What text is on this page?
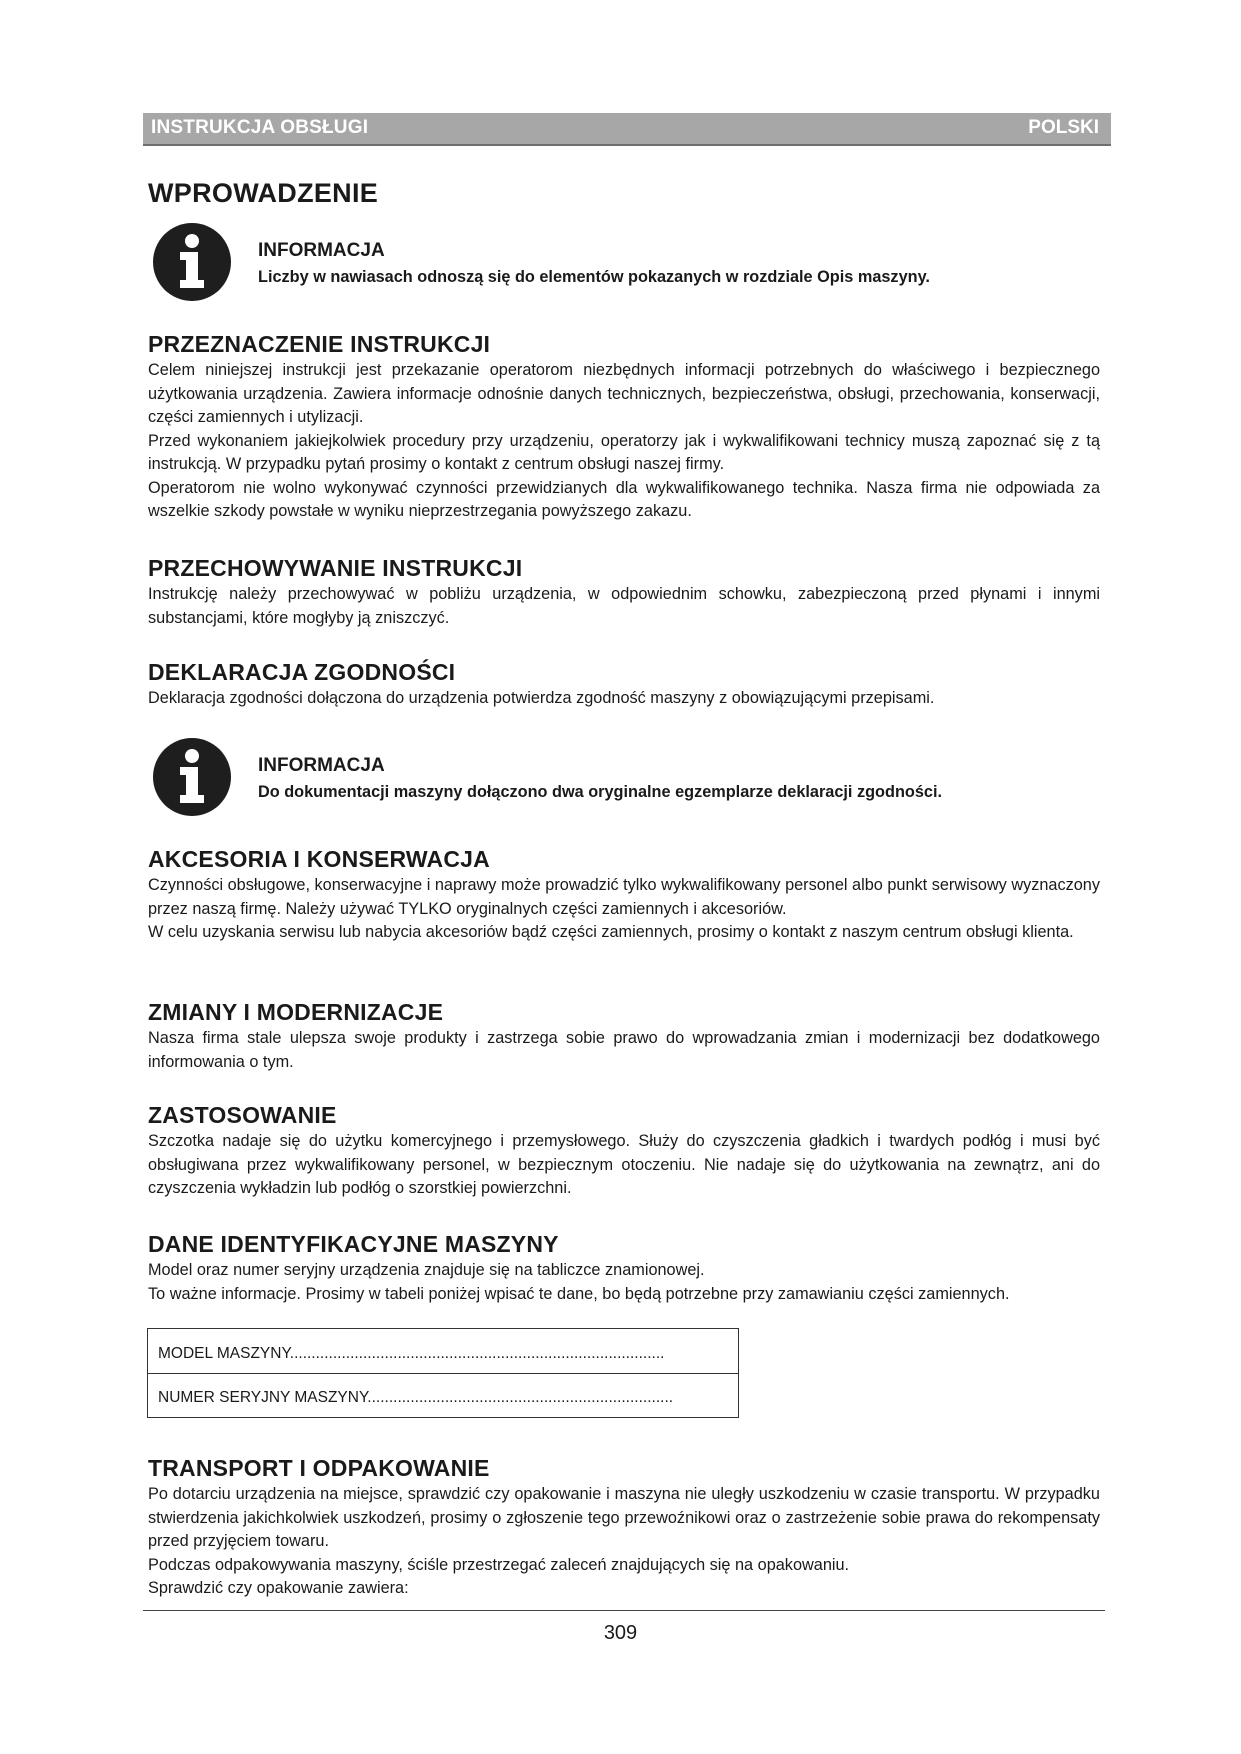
INSTRUKCJA OBSŁUGI	POLSKI
WPROWADZENIE
INFORMACJA
Liczby w nawiasach odnoszą się do elementów pokazanych w rozdziale Opis maszyny.
PRZEZNACZENIE INSTRUKCJI

Celem niniejszej instrukcji jest przekazanie operatorom niezbędnych informacji potrzebnych do właściwego i bezpiecznego użytkowania urządzenia. Zawiera informacje odnośnie danych technicznych, bezpieczeństwa, obsługi, przechowania, konserwacji, części zamiennych i utylizacji.

Przed wykonaniem jakiejkolwiek procedury przy urządzeniu, operatorzy jak i wykwalifikowani technicy muszą zapoznać się z tą instrukcją. W przypadku pytań prosimy o kontakt z centrum obsługi naszej firmy.

Operatorom nie wolno wykonywać czynności przewidzianych dla wykwalifikowanego technika. Nasza firma nie odpowiada za wszelkie szkody powstałe w wyniku nieprzestrzegania powyższego zakazu.

PRZECHOWYWANIE INSTRUKCJI

Instrukcję należy przechowywać w pobliżu urządzenia, w odpowiednim schowku, zabezpieczoną przed płynami i innymi substancjami, które mogłyby ją zniszczyć.

DEKLARACJA ZGODNOŚCI

Deklaracja zgodności dołączona do urządzenia potwierdza zgodność maszyny z obowiązującymi przepisami.

INFORMACJA
Do dokumentacji maszyny dołączono dwa oryginalne egzemplarze deklaracji zgodności.
AKCESORIA I KONSERWACJA

Czynności obsługowe, konserwacyjne i naprawy może prowadzić tylko wykwalifikowany personel albo punkt serwisowy wyznaczony przez naszą firmę. Należy używać TYLKO oryginalnych części zamiennych i akcesoriów.

W celu uzyskania serwisu lub nabycia akcesoriów bądź części zamiennych, prosimy o kontakt z naszym centrum obsługi klienta.

ZMIANY I MODERNIZACJE

Nasza firma stale ulepsza swoje produkty i zastrzega sobie prawo do wprowadzania zmian i modernizacji bez dodatkowego informowania o tym.

ZASTOSOWANIE

Szczotka nadaje się do użytku komercyjnego i przemysłowego. Służy do czyszczenia gładkich i twardych podłóg i musi być obsługiwana przez wykwalifikowany personel, w bezpiecznym otoczeniu. Nie nadaje się do użytkowania na zewnątrz, ani do czyszczenia wykładzin lub podłóg o szorstkiej powierzchni.

DANE IDENTYFIKACYJNE MASZYNY

Model oraz numer seryjny urządzenia znajduje się na tabliczce znamionowej.

To ważne informacje. Prosimy w tabeli poniżej wpisać te dane, bo będą potrzebne przy zamawianiu części zamiennych.

MODEL MASZYNY.......................................................................................
NUMER SERYJNY MASZYNY.......................................................................
TRANSPORT I ODPAKOWANIE

Po dotarciu urządzenia na miejsce, sprawdzić czy opakowanie i maszyna nie uległy uszkodzeniu w czasie transportu. W przypadku stwierdzenia jakichkolwiek uszkodzeń, prosimy o zgłoszenie tego przewoźnikowi oraz o zastrzeżenie sobie prawa do rekompensaty przed przyjęciem towaru.

Podczas odpakowywania maszyny, ściśle przestrzegać zaleceń znajdujących się na opakowaniu.

Sprawdzić czy opakowanie zawiera:

309
